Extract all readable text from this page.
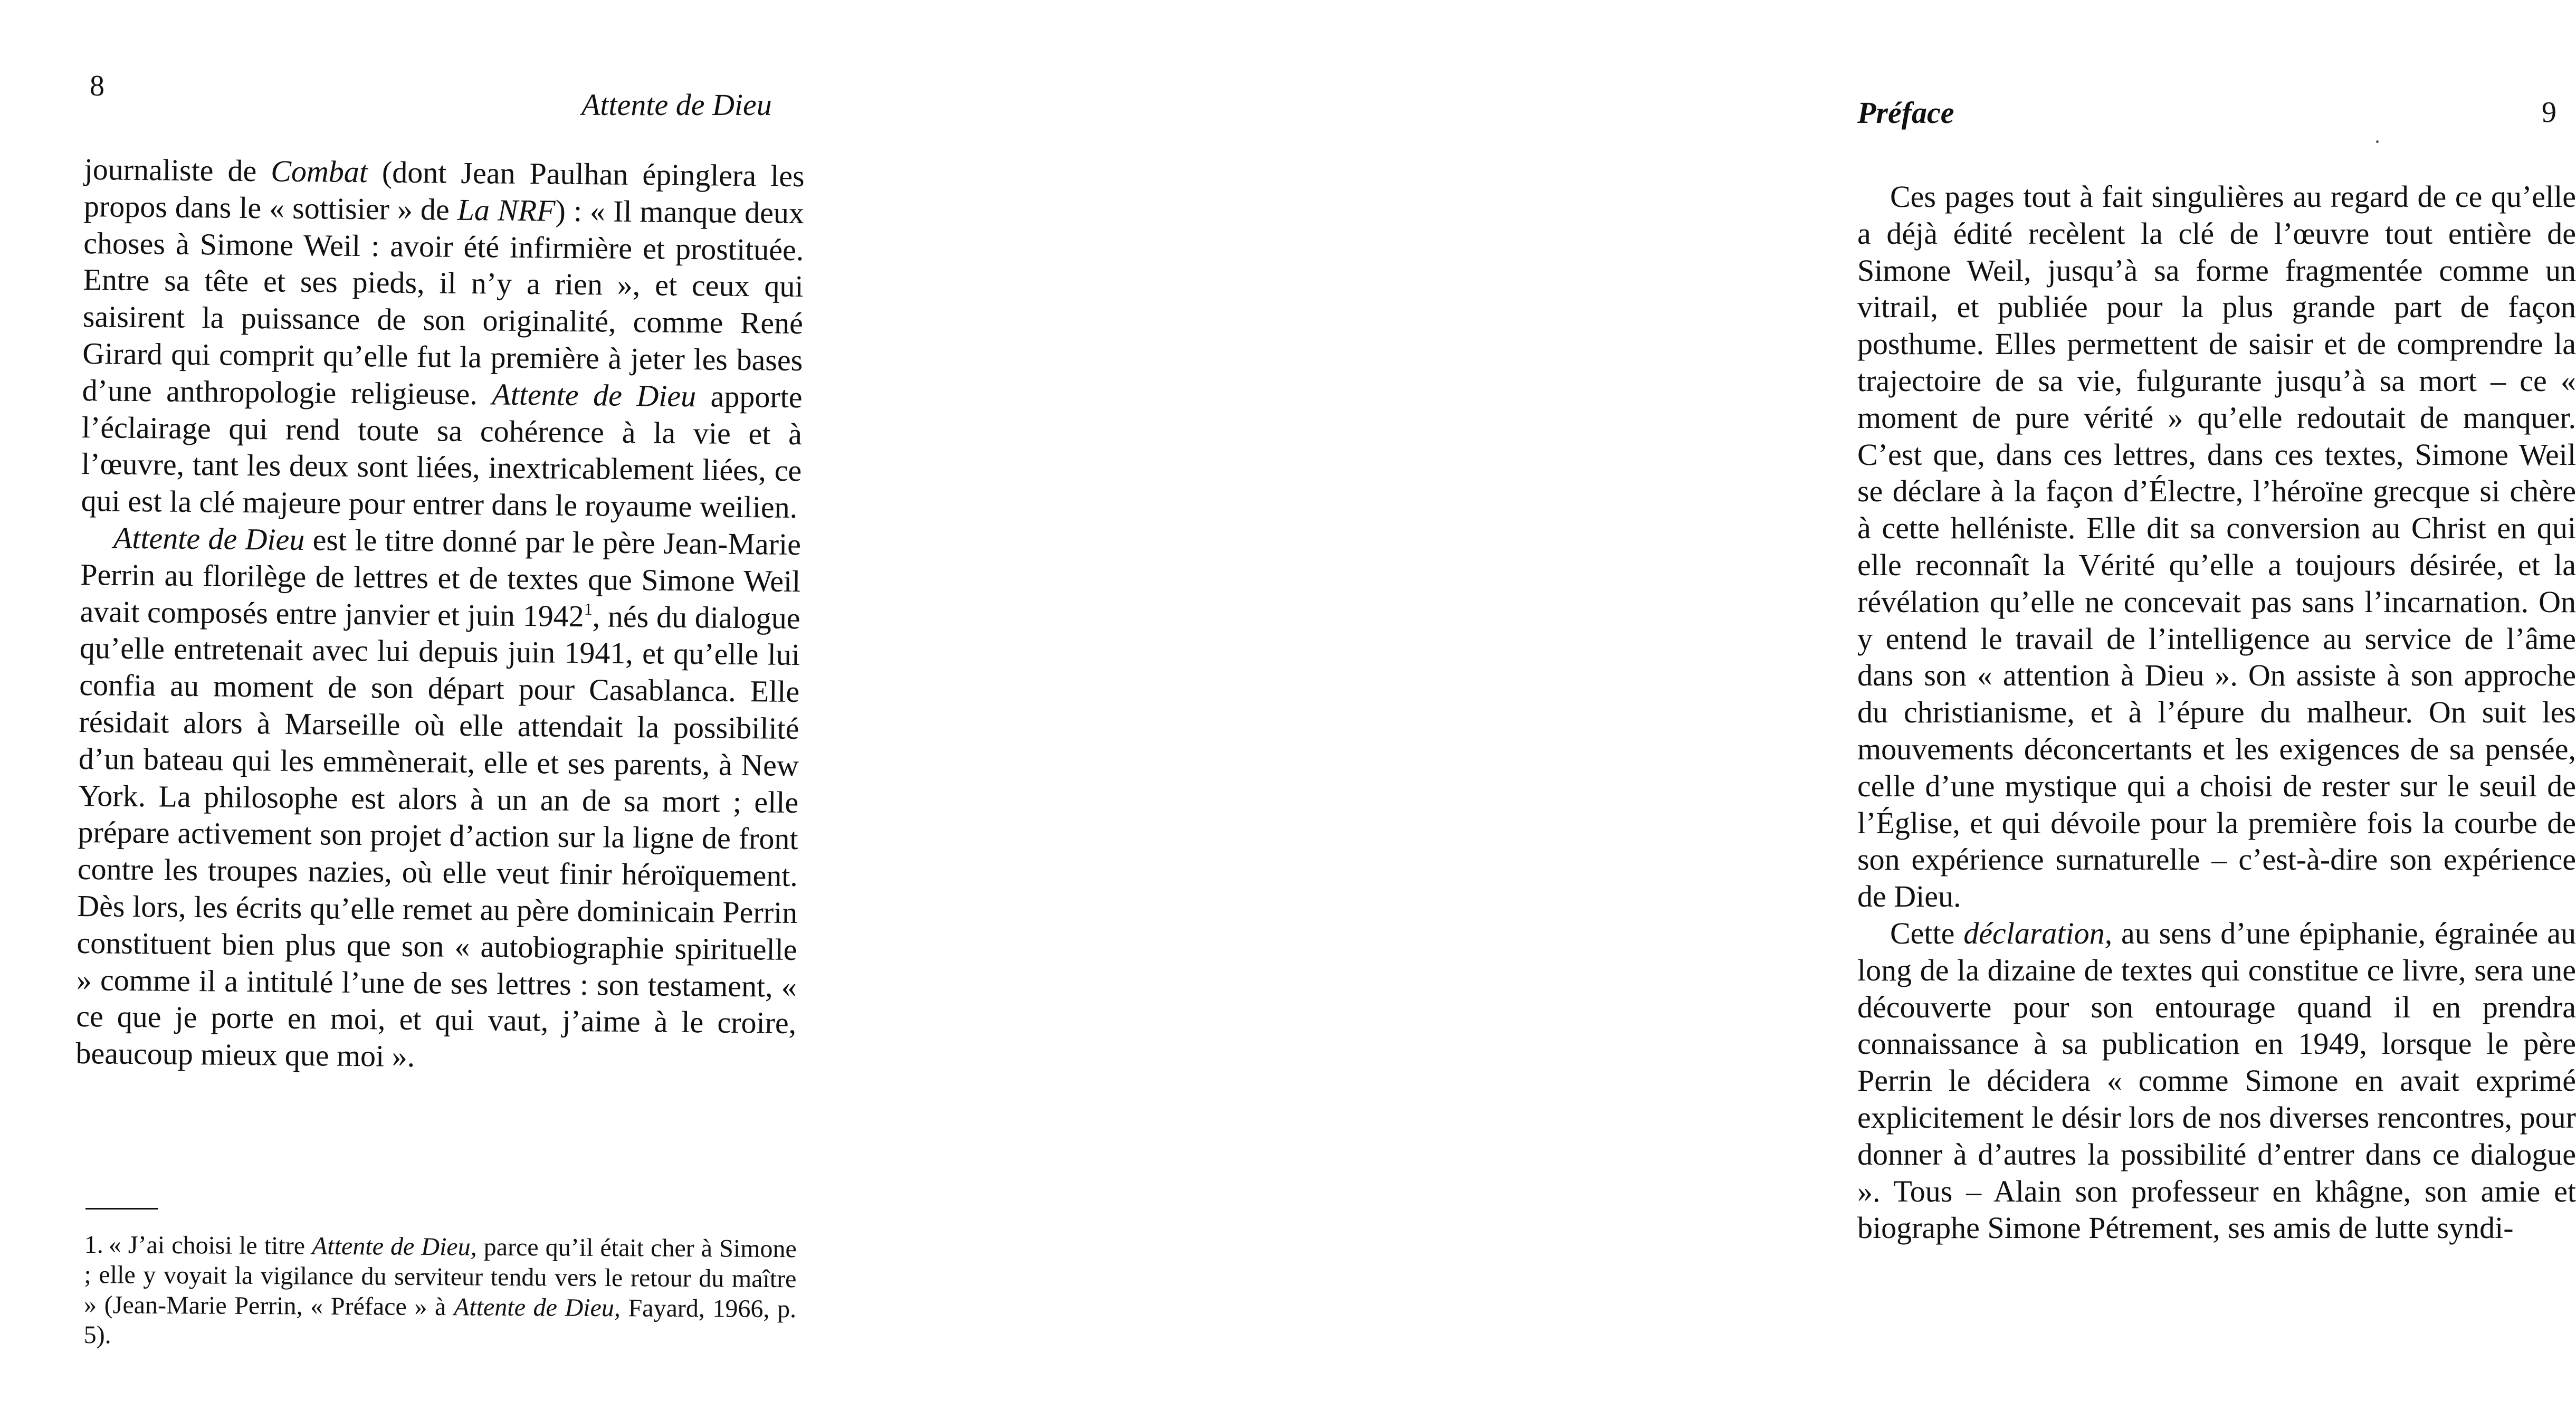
8
Attente de Dieu

journaliste de Combat (dont Jean Paulhan épinglera les propos dans le « sottisier » de La NRF) : « Il manque deux choses à Simone Weil : avoir été infirmière et prostituée. Entre sa tête et ses pieds, il n’y a rien », et ceux qui saisirent la puissance de son originalité, comme René Girard qui comprit qu’elle fut la première à jeter les bases d’une anthropologie religieuse. Attente de Dieu apporte l’éclairage qui rend toute sa cohérence à la vie et à l’œuvre, tant les deux sont liées, inextricablement liées, ce qui est la clé majeure pour entrer dans le royaume weilien.

Attente de Dieu est le titre donné par le père Jean-Marie Perrin au florilège de lettres et de textes que Simone Weil avait composés entre janvier et juin 1942$^1$, nés du dialogue qu’elle entretenait avec lui depuis juin 1941, et qu’elle lui confia au moment de son départ pour Casablanca. Elle résidait alors à Marseille où elle attendait la possibilité d’un bateau qui les emmènerait, elle et ses parents, à New York. La philosophe est alors à un an de sa mort ; elle prépare activement son projet d’action sur la ligne de front contre les troupes nazies, où elle veut finir héroïquement. Dès lors, les écrits qu’elle remet au père dominicain Perrin constituent bien plus que son « autobiographie spirituelle » comme il a intitulé l’une de ses lettres : son testament, « ce que je porte en moi, et qui vaut, j’aime à le croire, beaucoup mieux que moi ».

1. « J’ai choisi le titre Attente de Dieu, parce qu’il était cher à Simone ; elle y voyait la vigilance du serviteur tendu vers le retour du maître » (Jean-Marie Perrin, « Préface » à Attente de Dieu, Fayard, 1966, p. 5).

Préface	9

Ces pages tout à fait singulières au regard de ce qu’elle a déjà édité recèlent la clé de l’œuvre tout entière de Simone Weil, jusqu’à sa forme fragmentée comme un vitrail, et publiée pour la plus grande part de façon posthume. Elles permettent de saisir et de comprendre la trajectoire de sa vie, fulgurante jusqu’à sa mort – ce « moment de pure vérité » qu’elle redoutait de manquer. C’est que, dans ces lettres, dans ces textes, Simone Weil se déclare à la façon d’Électre, l’héroïne grecque si chère à cette helléniste. Elle dit sa conversion au Christ en qui elle reconnaît la Vérité qu’elle a toujours désirée, et la révélation qu’elle ne concevait pas sans l’incarnation. On y entend le travail de l’intelligence au service de l’âme dans son « attention à Dieu ». On assiste à son approche du christianisme, et à l’épure du malheur. On suit les mouvements déconcertants et les exigences de sa pensée, celle d’une mystique qui a choisi de rester sur le seuil de l’Église, et qui dévoile pour la première fois la courbe de son expérience surnaturelle – c’est-à-dire son expérience de Dieu.

Cette déclaration, au sens d’une épiphanie, égrainée au long de la dizaine de textes qui constitue ce livre, sera une découverte pour son entourage quand il en prendra connaissance à sa publication en 1949, lorsque le père Perrin le décidera « comme Simone en avait exprimé explicitement le désir lors de nos diverses rencontres, pour donner à d’autres la possibilité d’entrer dans ce dialogue ». Tous – Alain son professeur en khâgne, son amie et biographe Simone Pétrement, ses amis de lutte syndi-
